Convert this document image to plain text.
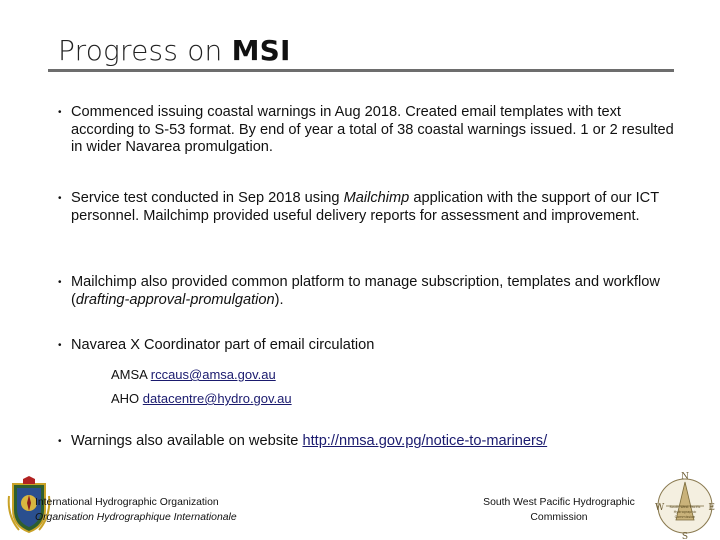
Progress on MSI
• Commenced issuing coastal warnings in Aug 2018. Created email templates with text according to S-53 format. By end of year a total of 38 coastal warnings issued. 1 or 2 resulted in wider Navarea promulgation.
• Service test conducted in Sep 2018 using Mailchimp application with the support of our ICT personnel. Mailchimp provided useful delivery reports for assessment and improvement.
• Mailchimp also provided common platform to manage subscription, templates and workflow (drafting-approval-promulgation).
• Navarea X Coordinator part of email circulation
AMSA rccaus@amsa.gov.au
AHO datacentre@hydro.gov.au
• Warnings also available on website http://nmsa.gov.pg/notice-to-mariners/
International Hydrographic Organization
Organisation Hydrographique Internationale
South West Pacific Hydrographic
Commission
N
W	E
S
South West Pacific
Hydrographic
Commission
